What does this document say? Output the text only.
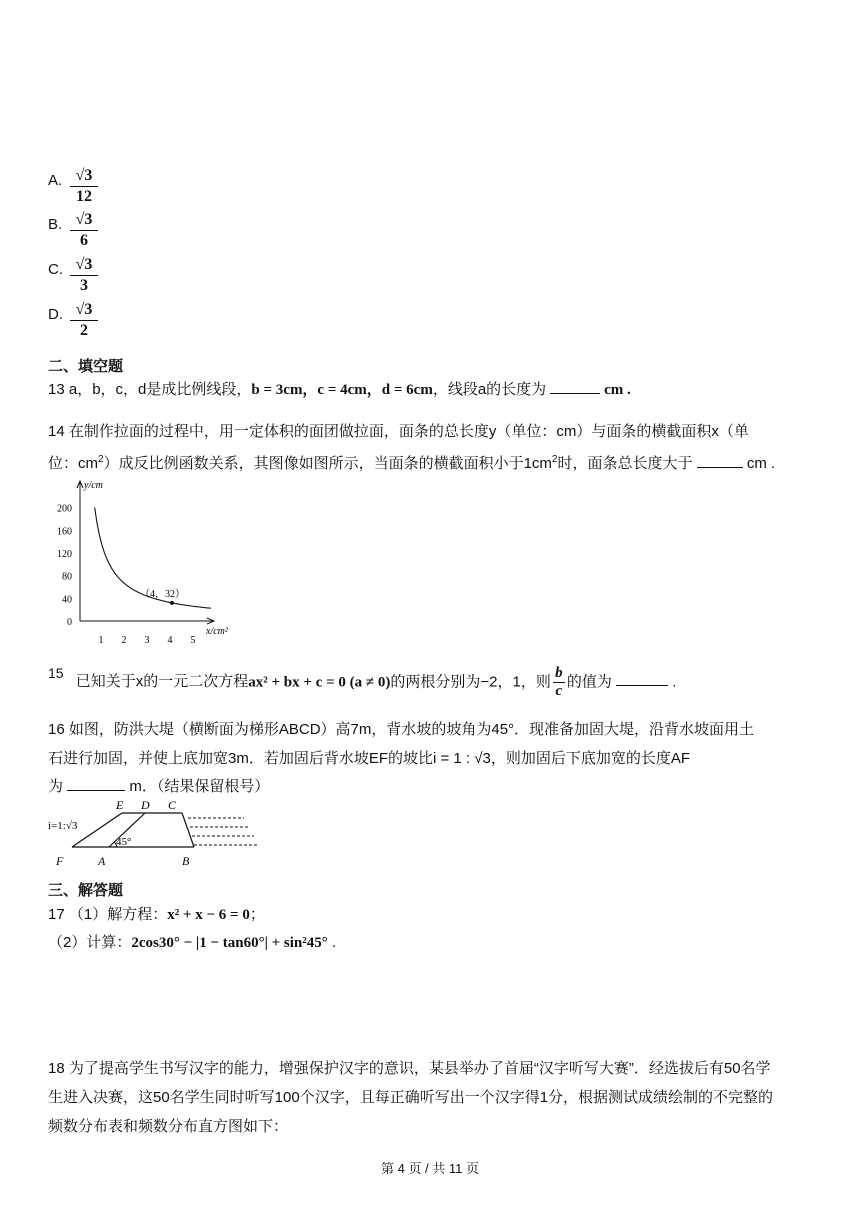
A. $\frac{√3}{12}$
B. $\frac{√3}{6}$
C. $\frac{√3}{3}$
D. $\frac{√3}{2}$
二、填空题
13 a，b，c，d是成比例线段，b = 3cm，c = 4cm，d = 6cm，线段a的长度为	cm .
14 在制作拉面的过程中，用一定体积的面团做拉面，面条的总长度y（单位：cm）与面条的横截面积x（单
位：$cm^2$）成反比例函数关系，其图像如图所示，当面条的横截面积小于$1cm^2$时，面条总长度大于	cm .
y/cm
x/cm²
0
40
80
120
160
200
1 2 3 4 5
（4，32）
15 已知关于x的一元二次方程ax² + bx + c = 0 (a ≠ 0)的两根分别为−2，1，则 $\frac{b}{c}$ 的值为	.
16 如图，防洪大堤（横断面为梯形ABCD）高7m，背水坡的坡角为45°．现准备加固大堤，沿背水坡面用土
石进行加固，并使上底加宽3m．若加固后背水坡EF的坡比i = 1 : √3，则加固后下底加宽的长度AF
为	m．（结果保留根号）
E D C
F	A	B
i=1:√3
45°
三、解答题
17 （1）解方程：x² + x − 6 = 0；
（2）计算：2cos30° − |1 − tan60°| + sin²45° .
18 为了提高学生书写汉字的能力，增强保护汉字的意识，某县举办了首届“汉字听写大赛”．经选拔后有50名学
生进入决赛，这50名学生同时听写100个汉字，且每正确听写出一个汉字得1分，根据测试成绩绘制的不完整的
频数分布表和频数分布直方图如下：
第 4 页 / 共 11 页
